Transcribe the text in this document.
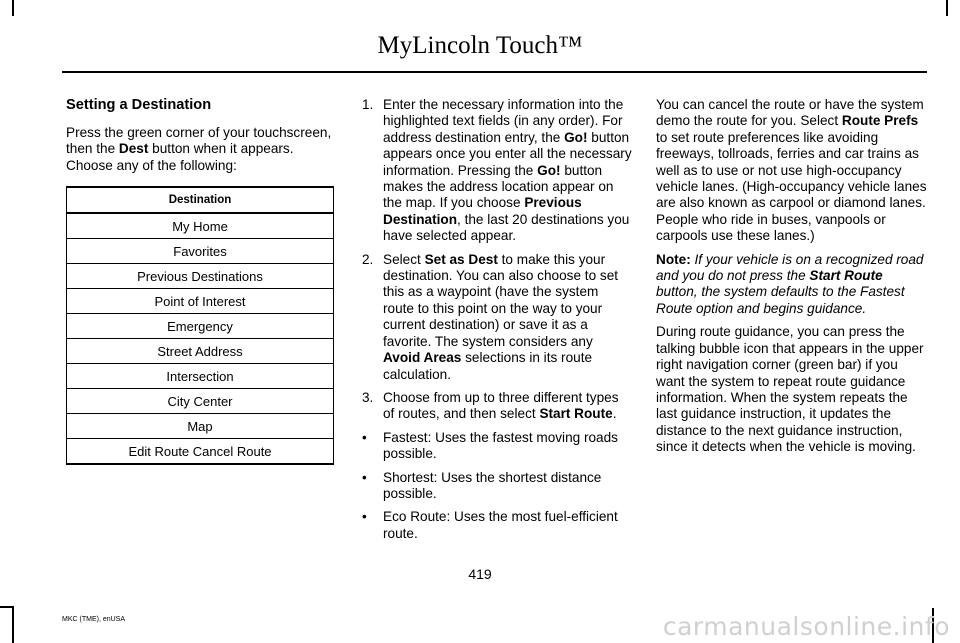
MyLincoln Touch™
Setting a Destination
Press the green corner of your touchscreen, then the Dest button when it appears. Choose any of the following:
Destination
My Home
Favorites
Previous Destinations
Point of Interest
Emergency
Street Address
Intersection
City Center
Map
Edit Route Cancel Route
1. Enter the necessary information into the highlighted text fields (in any order). For address destination entry, the Go! button appears once you enter all the necessary information. Pressing the Go! button makes the address location appear on the map. If you choose Previous Destination, the last 20 destinations you have selected appear.
2. Select Set as Dest to make this your destination. You can also choose to set this as a waypoint (have the system route to this point on the way to your current destination) or save it as a favorite. The system considers any Avoid Areas selections in its route calculation.
3. Choose from up to three different types of routes, and then select Start Route.
• Fastest: Uses the fastest moving roads possible.
• Shortest: Uses the shortest distance possible.
• Eco Route: Uses the most fuel-efficient route.

You can cancel the route or have the system demo the route for you. Select Route Prefs to set route preferences like avoiding freeways, tollroads, ferries and car trains as well as to use or not use high-occupancy vehicle lanes. (High-occupancy vehicle lanes are also known as carpool or diamond lanes. People who ride in buses, vanpools or carpools use these lanes.)

Note: If your vehicle is on a recognized road and you do not press the Start Route button, the system defaults to the Fastest Route option and begins guidance.

During route guidance, you can press the talking bubble icon that appears in the upper right navigation corner (green bar) if you want the system to repeat route guidance information. When the system repeats the last guidance instruction, it updates the distance to the next guidance instruction, since it detects when the vehicle is moving.

419
MKC (TME), enUSA	carmanualsonline.info
